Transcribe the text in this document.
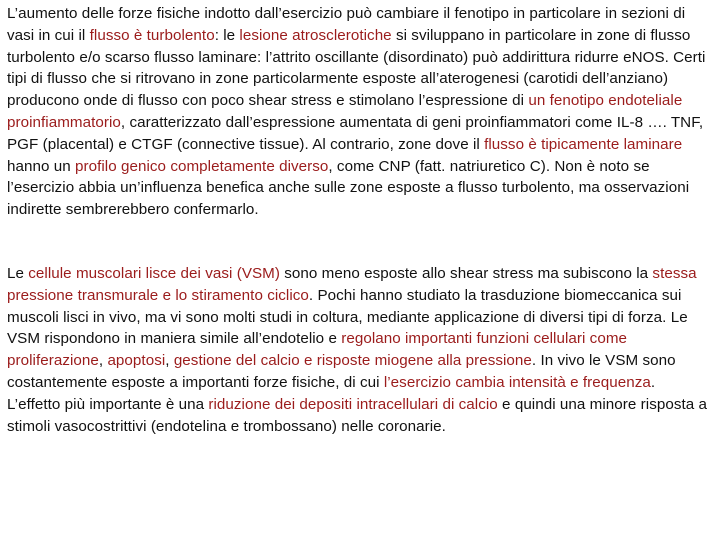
L’aumento delle forze fisiche indotto dall’esercizio può cambiare il fenotipo in particolare in sezioni di vasi in cui il flusso è turbolento: le lesione atrosclerotiche si sviluppano in particolare in zone di flusso turbolento e/o scarso flusso laminare: l’attrito oscillante (disordinato) può addirittura ridurre eNOS. Certi tipi di flusso che si ritrovano in zone particolarmente esposte all’aterogenesi (carotidi dell’anziano) producono onde di flusso con poco shear stress e stimolano l’espressione di un fenotipo endoteliale proinfiammatorio, caratterizzato dall’espressione aumentata di geni proinfiammatori come IL-8 …. TNF, PGF (placental) e CTGF (connective tissue). Al contrario, zone dove il flusso è tipicamente laminare hanno un profilo genico completamente diverso, come CNP (fatt. natriuretico C). Non è noto se l’esercizio abbia un’influenza benefica anche sulle zone esposte a flusso turbolento, ma osservazioni indirette sembrerebbero confermarlo.

Le cellule muscolari lisce dei vasi (VSM) sono meno esposte allo shear stress ma subiscono la stessa pressione transmurale e lo stiramento ciclico. Pochi hanno studiato la trasduzione biomeccanica sui muscoli lisci in vivo, ma vi sono molti studi in coltura, mediante applicazione di diversi tipi di forza. Le VSM rispondono in maniera simile all’endotelio e regolano importanti funzioni cellulari come proliferazione, apoptosi, gestione del calcio e risposte miogene alla pressione. In vivo le VSM sono costantemente esposte a importanti forze fisiche, di cui l’esercizio cambia intensità e frequenza. L’effetto più importante è una riduzione dei depositi intracellulari di calcio e quindi una minore risposta a stimoli vasocostrittivi (endotelina e trombossano) nelle coronarie.
